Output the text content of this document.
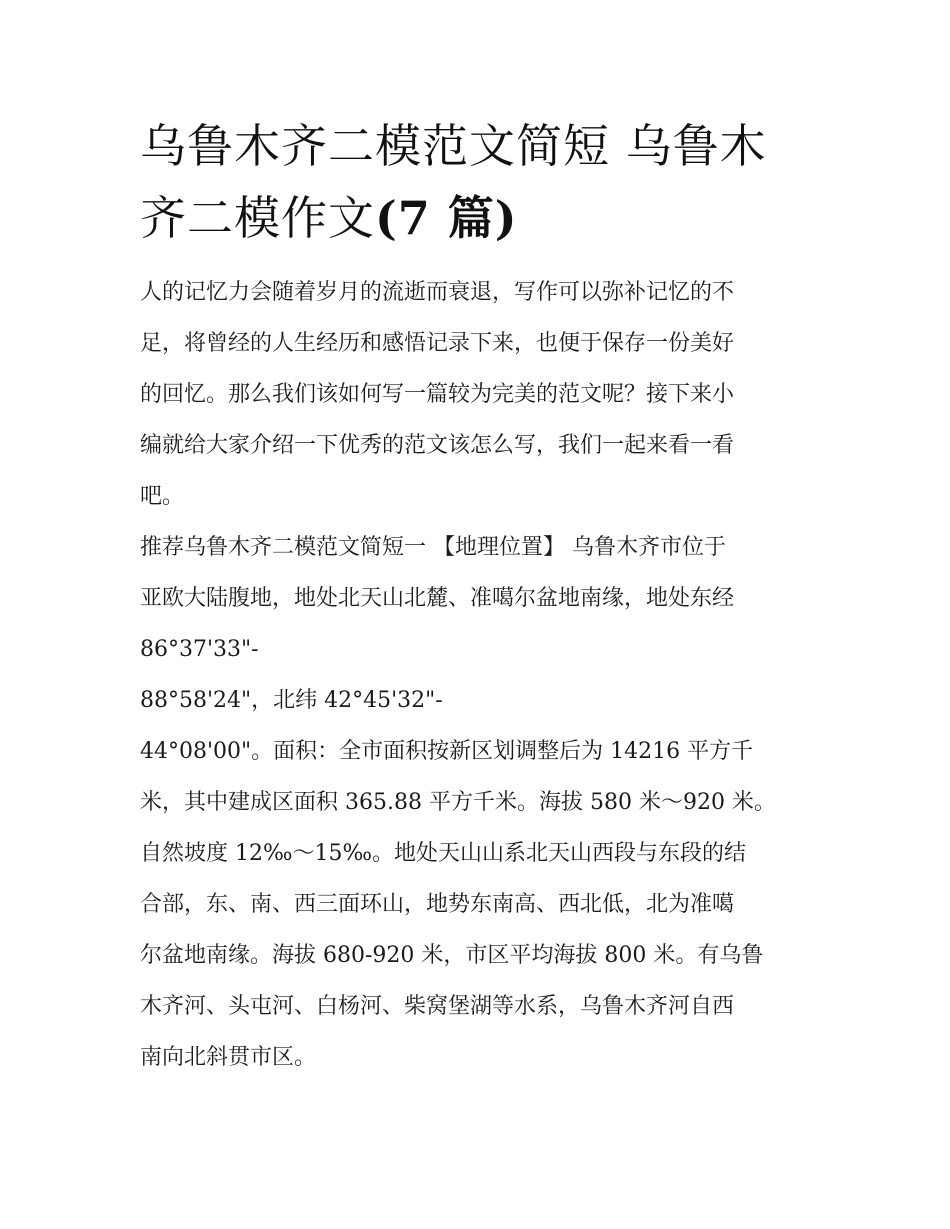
乌鲁木齐二模范文简短 乌鲁木
齐二模作文(7 篇)

人的记忆力会随着岁月的流逝而衰退，写作可以弥补记忆的不
足，将曾经的人生经历和感悟记录下来，也便于保存一份美好
的回忆。那么我们该如何写一篇较为完美的范文呢？接下来小
编就给大家介绍一下优秀的范文该怎么写，我们一起来看一看
吧。

推荐乌鲁木齐二模范文简短一 【地理位置】 乌鲁木齐市位于
亚欧大陆腹地，地处北天山北麓、准噶尔盆地南缘，地处东经
86°37'33"-
88°58'24"，北纬 42°45'32"-
44°08'00"。面积：全市面积按新区划调整后为 14216 平方千
米，其中建成区面积 365.88 平方千米。海拔 580 米～920 米。
自然坡度 12‰～15‰。地处天山山系北天山西段与东段的结
合部，东、南、西三面环山，地势东南高、西北低，北为准噶
尔盆地南缘。海拔 680-920 米，市区平均海拔 800 米。有乌鲁
木齐河、头屯河、白杨河、柴窝堡湖等水系，乌鲁木齐河自西
南向北斜贯市区。
